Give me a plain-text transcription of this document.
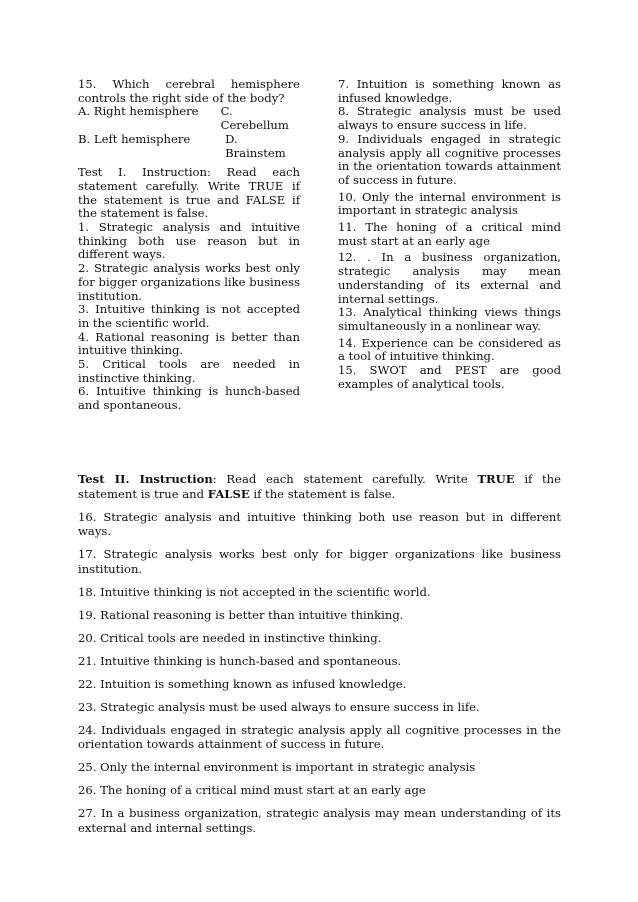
15. Which cerebral hemisphere controls the right side of the body?

A. Right hemisphere	C. Cerebellum
B. Left hemisphere	D. Brainstem

Test I. Instruction: Read each statement carefully. Write TRUE if the statement is true and FALSE if the statement is false.

1. Strategic analysis and intuitive thinking both use reason but in different ways.

2. Strategic analysis works best only for bigger organizations like business institution.

3. Intuitive thinking is not accepted in the scientific world.

4. Rational reasoning is better than intuitive thinking.

5. Critical tools are needed in instinctive thinking.

6. Intuitive thinking is hunch-based and spontaneous.

7. Intuition is something known as infused knowledge.

8. Strategic analysis must be used always to ensure success in life.

9. Individuals engaged in strategic analysis apply all cognitive processes in the orientation towards attainment of success in future.

10. Only the internal environment is important in strategic analysis

11. The honing of a critical mind must start at an early age

12. . In a business organization, strategic analysis may mean understanding of its external and internal settings.

13. Analytical thinking views things simultaneously in a nonlinear way.

14. Experience can be considered as a tool of intuitive thinking.

15. SWOT and PEST are good examples of analytical tools.

Test II. Instruction: Read each statement carefully. Write TRUE if the statement is true and FALSE if the statement is false.

16. Strategic analysis and intuitive thinking both use reason but in different ways.

17. Strategic analysis works best only for bigger organizations like business institution.

18. Intuitive thinking is not accepted in the scientific world.

19. Rational reasoning is better than intuitive thinking.

20. Critical tools are needed in instinctive thinking.

21. Intuitive thinking is hunch-based and spontaneous.

22. Intuition is something known as infused knowledge.

23. Strategic analysis must be used always to ensure success in life.

24. Individuals engaged in strategic analysis apply all cognitive processes in the orientation towards attainment of success in future.

25. Only the internal environment is important in strategic analysis

26. The honing of a critical mind must start at an early age

27. In a business organization, strategic analysis may mean understanding of its external and internal settings.
